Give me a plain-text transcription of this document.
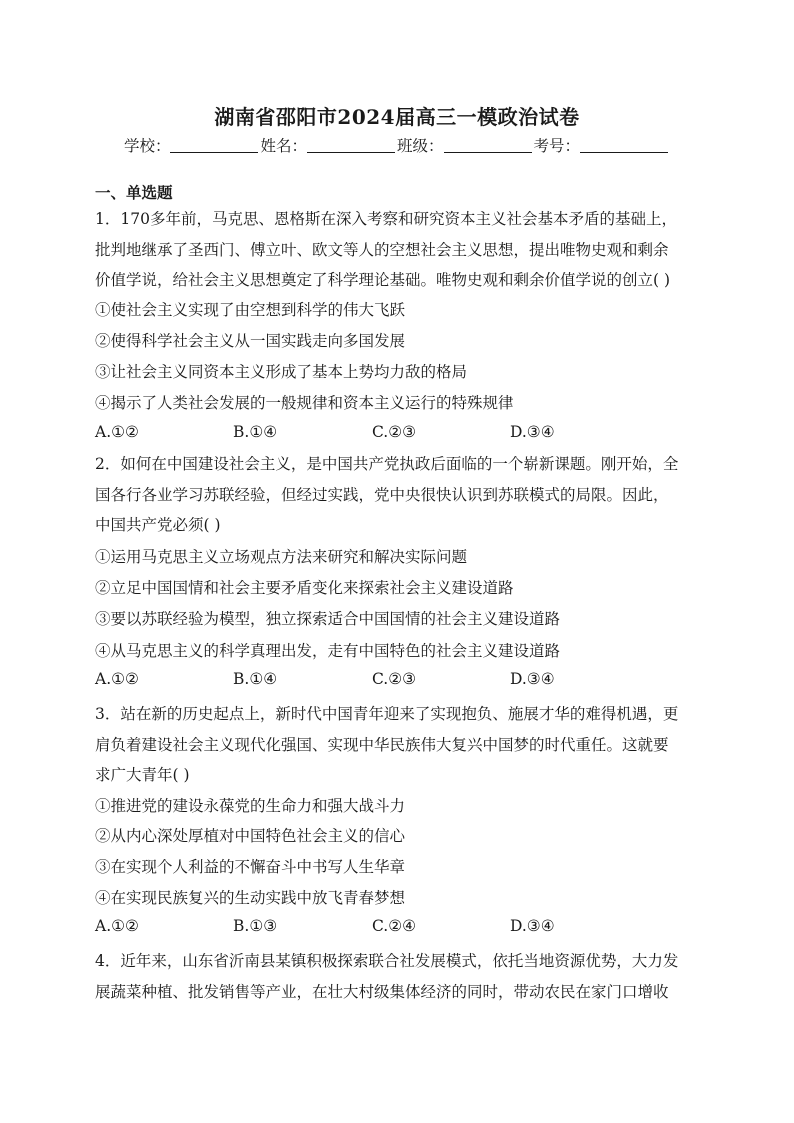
湖南省邵阳市2024届高三一模政治试卷
学校：	姓名：	班级：	考号：
一、单选题
1．170多年前，马克思、恩格斯在深入考察和研究资本主义社会基本矛盾的基础上，
批判地继承了圣西门、傅立叶、欧文等人的空想社会主义思想，提出唯物史观和剩余
价值学说，给社会主义思想奠定了科学理论基础。唯物史观和剩余价值学说的创立( )
①使社会主义实现了由空想到科学的伟大飞跃
②使得科学社会主义从一国实践走向多国发展
③让社会主义同资本主义形成了基本上势均力敌的格局
④揭示了人类社会发展的一般规律和资本主义运行的特殊规律
A.①②	B.①④	C.②③	D.③④
2．如何在中国建设社会主义，是中国共产党执政后面临的一个崭新课题。刚开始，全
国各行各业学习苏联经验，但经过实践，党中央很快认识到苏联模式的局限。因此，
中国共产党必须( )
①运用马克思主义立场观点方法来研究和解决实际问题
②立足中国国情和社会主要矛盾变化来探索社会主义建设道路
③要以苏联经验为模型，独立探索适合中国国情的社会主义建设道路
④从马克思主义的科学真理出发，走有中国特色的社会主义建设道路
A.①②	B.①④	C.②③	D.③④
3．站在新的历史起点上，新时代中国青年迎来了实现抱负、施展才华的难得机遇，更
肩负着建设社会主义现代化强国、实现中华民族伟大复兴中国梦的时代重任。这就要
求广大青年( )
①推进党的建设永葆党的生命力和强大战斗力
②从内心深处厚植对中国特色社会主义的信心
③在实现个人利益的不懈奋斗中书写人生华章
④在实现民族复兴的生动实践中放飞青春梦想
A.①②	B.①③	C.②④	D.③④
4．近年来，山东省沂南县某镇积极探索联合社发展模式，依托当地资源优势，大力发
展蔬菜种植、批发销售等产业，在壮大村级集体经济的同时，带动农民在家门口增收
